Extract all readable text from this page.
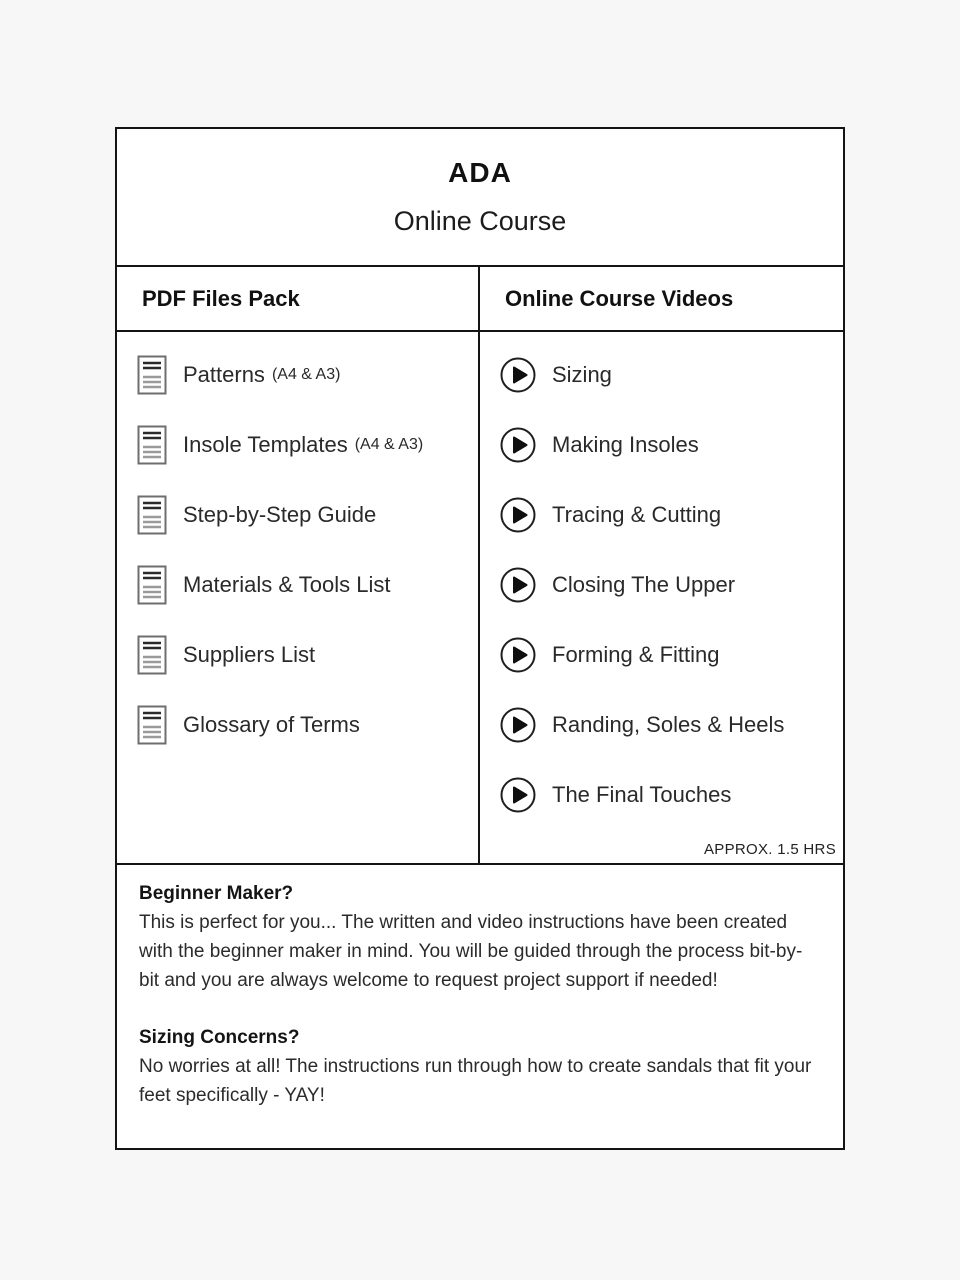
ADA
Online Course
PDF Files Pack	Online Course Videos
Patterns (A4 & A3)
Insole Templates (A4 & A3)
Step-by-Step Guide
Materials & Tools List
Suppliers List
Glossary of Terms
Sizing
Making Insoles
Tracing & Cutting
Closing The Upper
Forming & Fitting
Randing, Soles & Heels
The Final Touches
APPROX. 1.5 HRS
Beginner Maker?
This is perfect for you... The written and video instructions have been created with the beginner maker in mind. You will be guided through the process bit-by-bit and you are always welcome to request project support if needed!
Sizing Concerns?
No worries at all! The instructions run through how to create sandals that fit your feet specifically - YAY!
